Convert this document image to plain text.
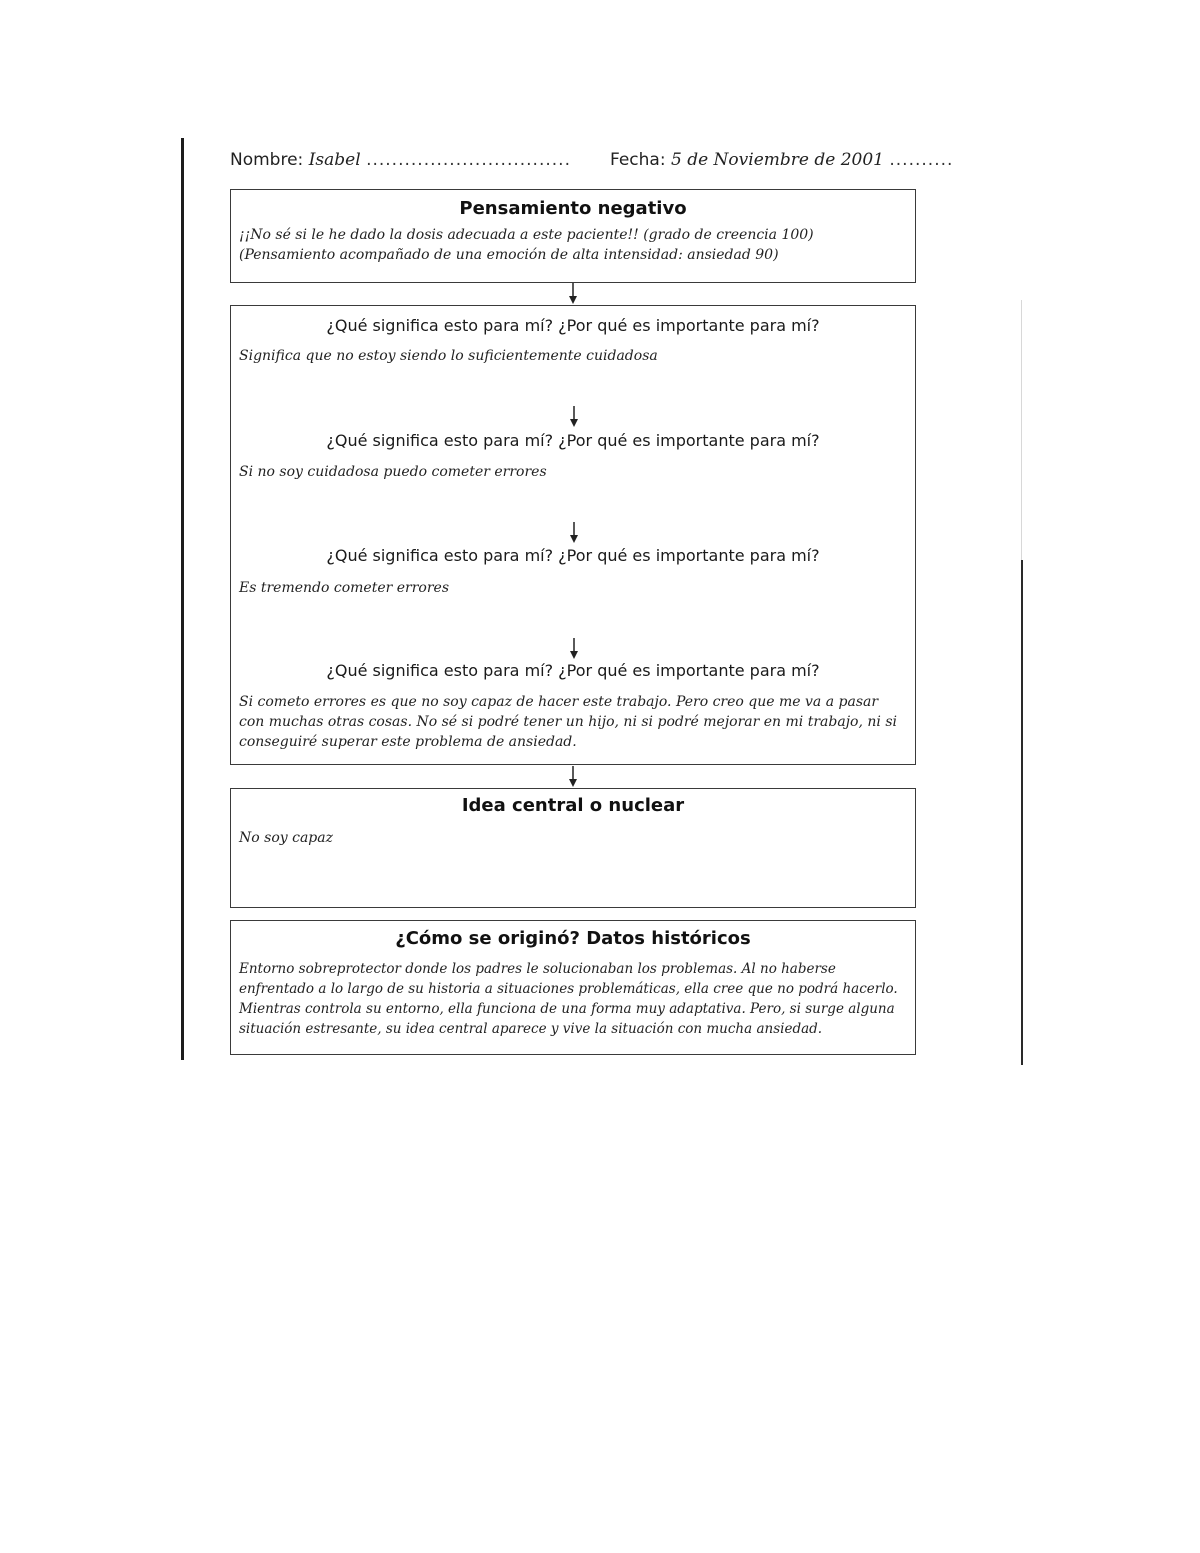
Nombre: Isabel ................................ Fecha: 5 de Noviembre de 2001 ..........
Pensamiento negativo
¡¡No sé si le he dado la dosis adecuada a este paciente!! (grado de creencia 100)
(Pensamiento acompañado de una emoción de alta intensidad: ansiedad 90)
¿Qué significa esto para mí? ¿Por qué es importante para mí?
Significa que no estoy siendo lo suficientemente cuidadosa
¿Qué significa esto para mí? ¿Por qué es importante para mí?
Si no soy cuidadosa puedo cometer errores
¿Qué significa esto para mí? ¿Por qué es importante para mí?
Es tremendo cometer errores
¿Qué significa esto para mí? ¿Por qué es importante para mí?
Si cometo errores es que no soy capaz de hacer este trabajo. Pero creo que me va a pasar con muchas otras cosas. No sé si podré tener un hijo, ni si podré mejorar en mi trabajo, ni si conseguiré superar este problema de ansiedad.
Idea central o nuclear
No soy capaz
¿Cómo se originó? Datos históricos
Entorno sobreprotector donde los padres le solucionaban los problemas. Al no haberse enfrentado a lo largo de su historia a situaciones problemáticas, ella cree que no podrá hacerlo. Mientras controla su entorno, ella funciona de una forma muy adaptativa. Pero, si surge alguna situación estresante, su idea central aparece y vive la situación con mucha ansiedad.
